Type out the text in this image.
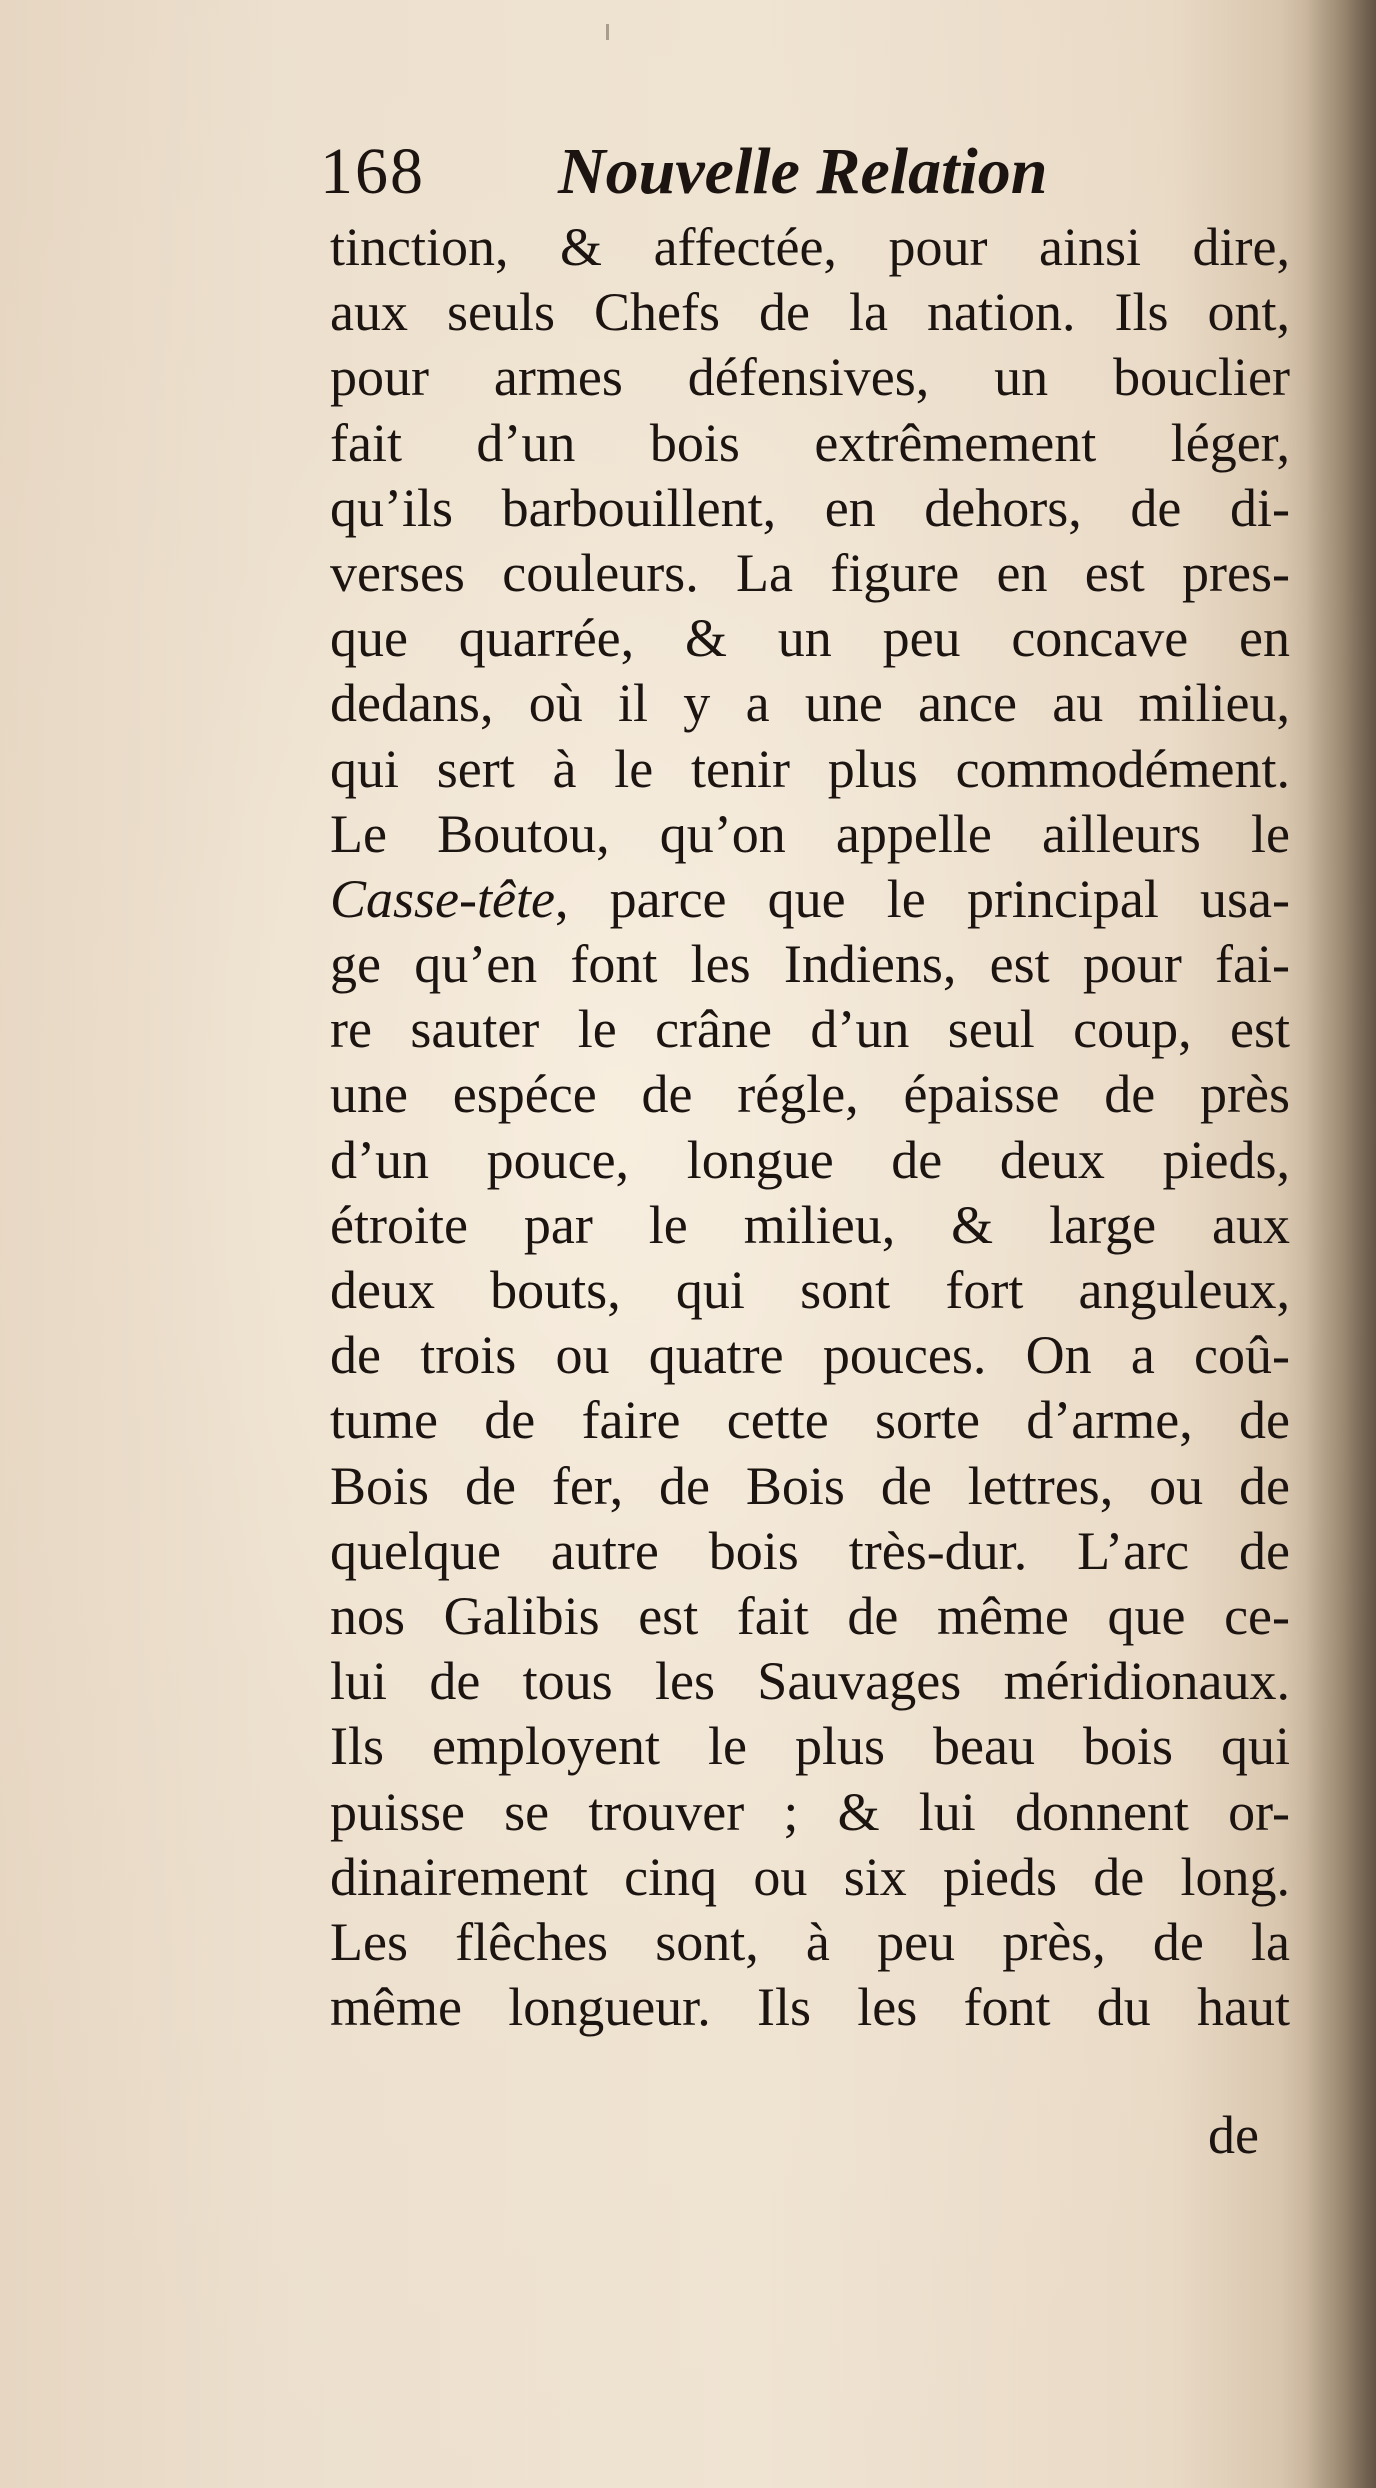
168 Nouvelle Relation
tinction, & affectée, pour ainsi dire,
aux seuls Chefs de la nation. Ils ont,
pour armes défensives, un bouclier
fait d’un bois extrêmement léger,
qu’ils barbouillent, en dehors, de di-
verses couleurs. La figure en est pres-
que quarrée, & un peu concave en
dedans, où il y a une ance au milieu,
qui sert à le tenir plus commodément.
Le Boutou, qu’on appelle ailleurs le
Casse-tête, parce que le principal usa-
ge qu’en font les Indiens, est pour fai-
re sauter le crâne d’un seul coup, est
une espéce de régle, épaisse de près
d’un pouce, longue de deux pieds,
étroite par le milieu, & large aux
deux bouts, qui sont fort anguleux,
de trois ou quatre pouces. On a coû-
tume de faire cette sorte d’arme, de
Bois de fer, de Bois de lettres, ou de
quelque autre bois très-dur. L’arc de
nos Galibis est fait de même que ce-
lui de tous les Sauvages méridionaux.
Ils employent le plus beau bois qui
puisse se trouver ; & lui donnent or-
dinairement cinq ou six pieds de long.
Les flêches sont, à peu près, de la
même longueur. Ils les font du haut
de
